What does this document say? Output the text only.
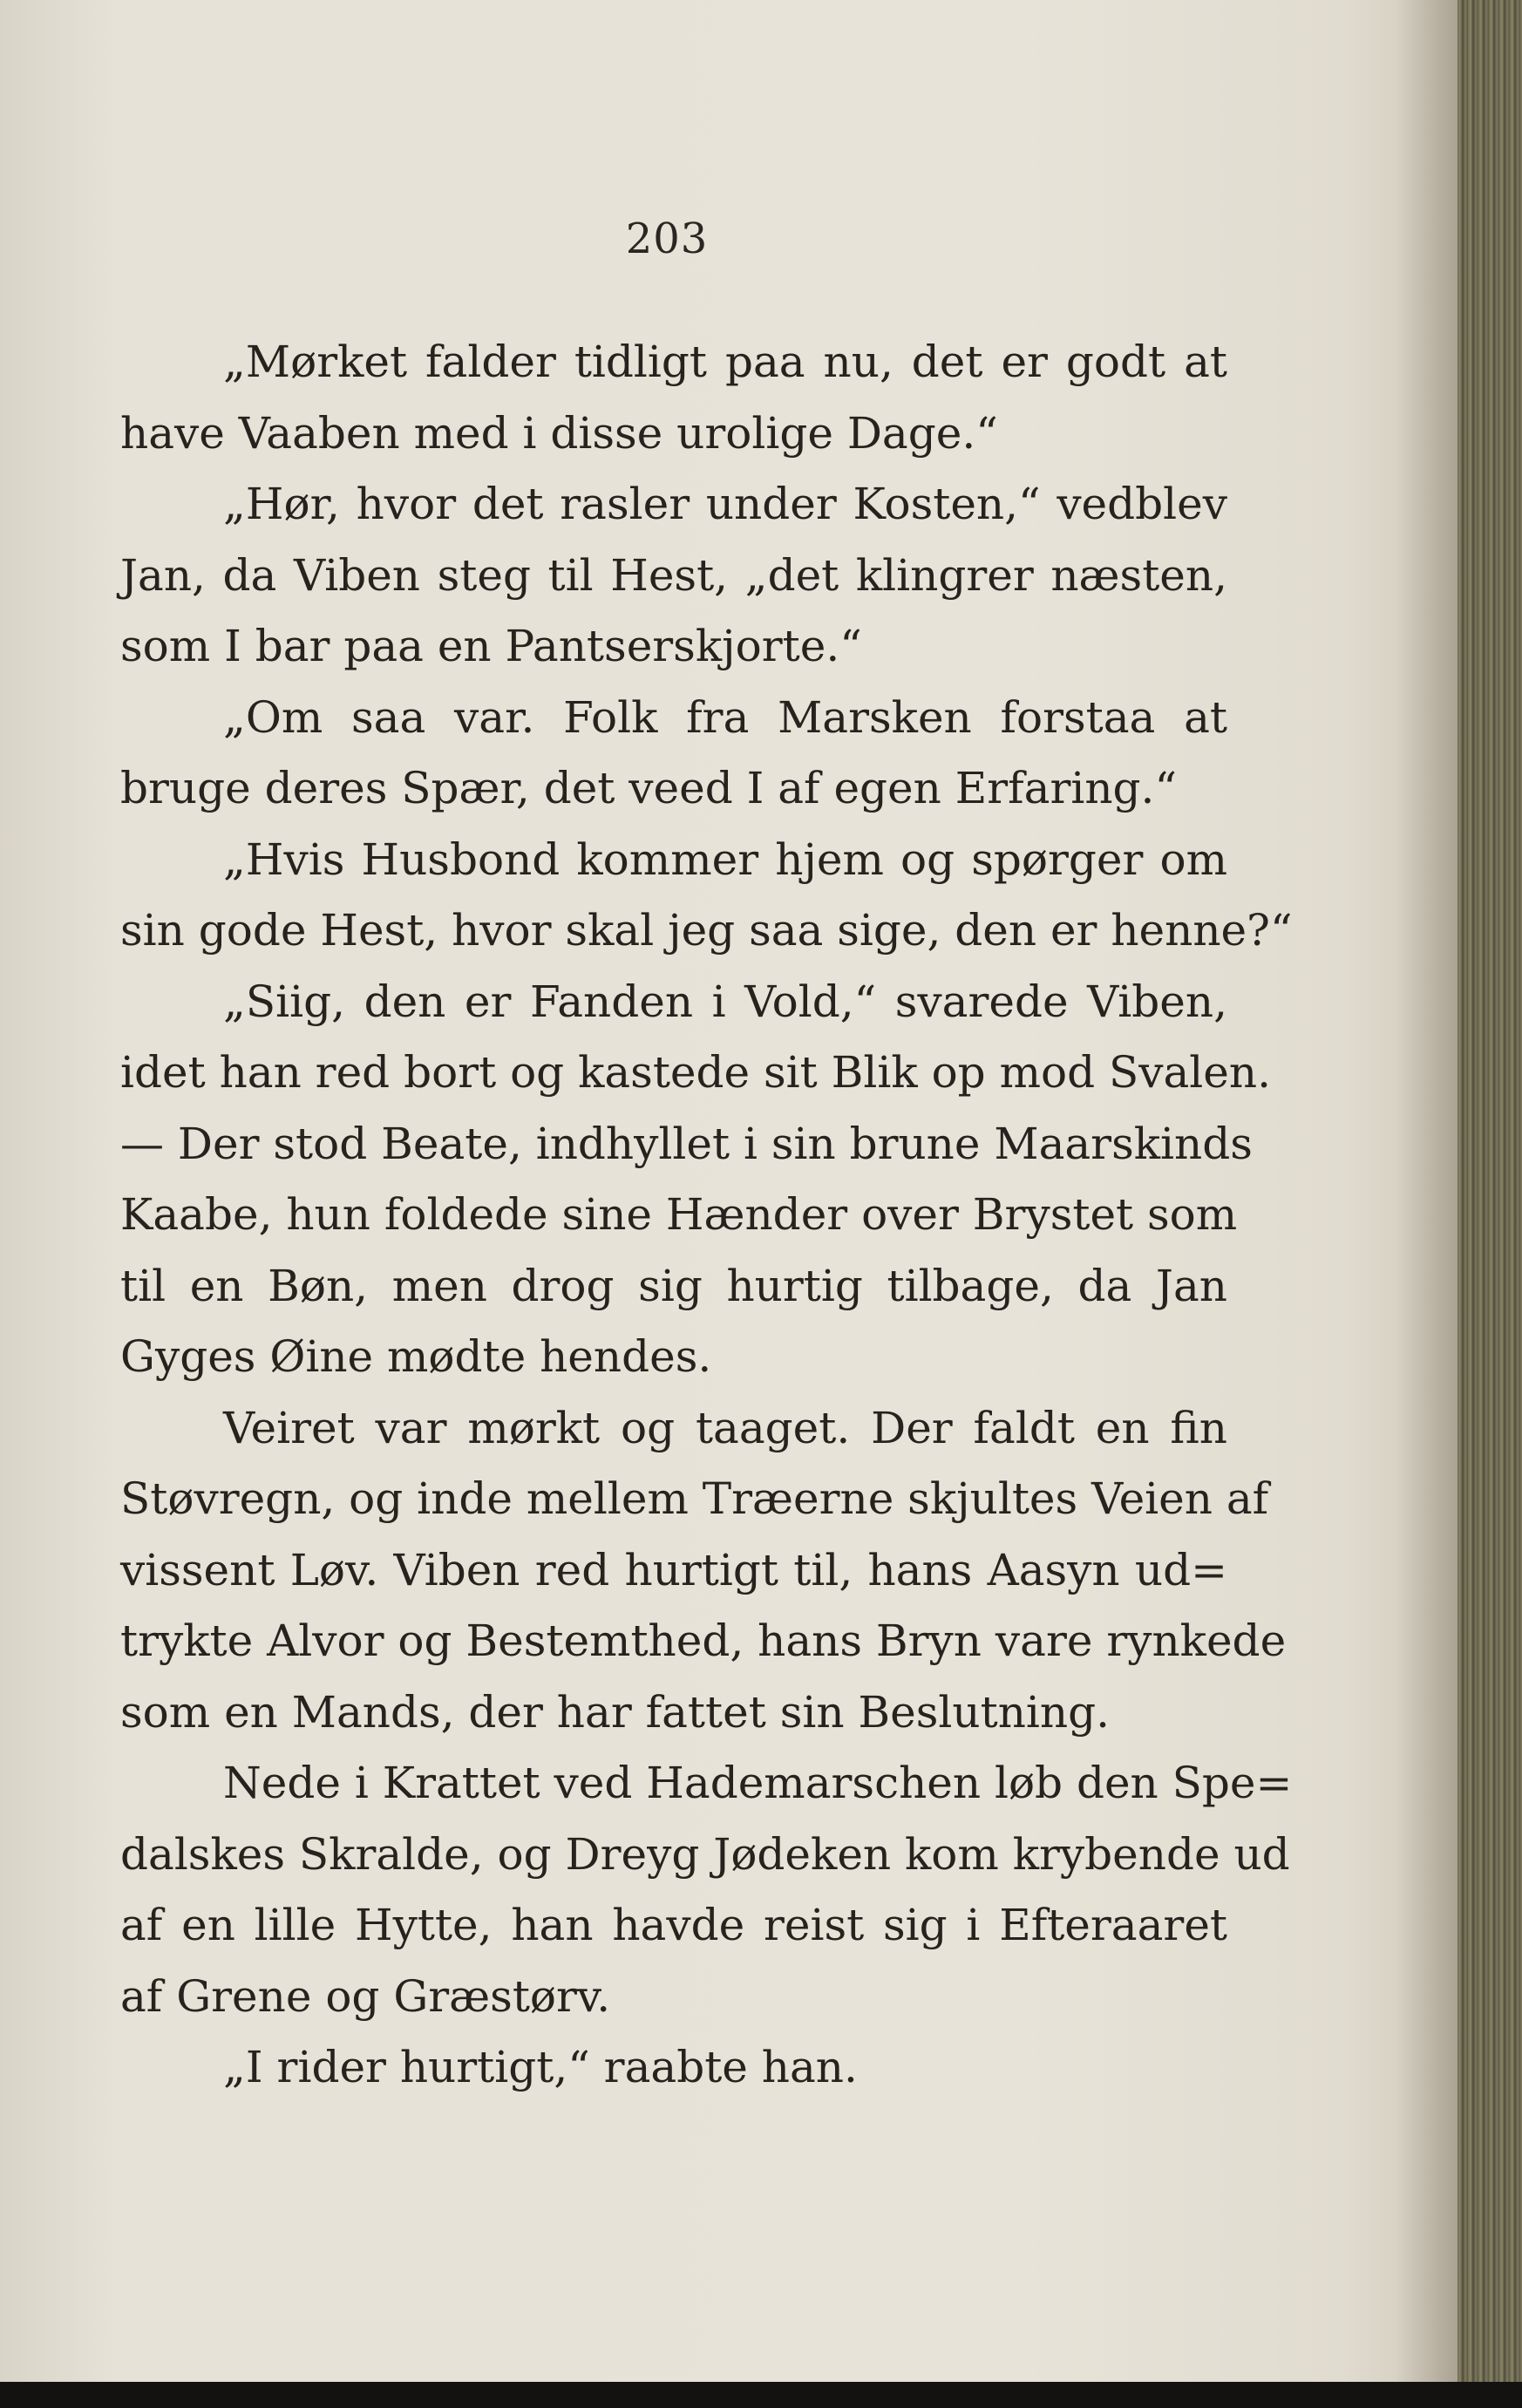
203
„Mørket falder tidligt paa nu, det er godt at
have Vaaben med i disse urolige Dage.“
„Hør, hvor det rasler under Kosten,“ vedblev
Jan, da Viben steg til Hest, „det klingrer næsten,
som I bar paa en Pantserskjorte.“
„Om saa var. Folk fra Marsken forstaa at
bruge deres Spær, det veed I af egen Erfaring.“
„Hvis Husbond kommer hjem og spørger om
sin gode Hest, hvor skal jeg saa sige, den er henne?“
„Siig, den er Fanden i Vold,“ svarede Viben,
idet han red bort og kastede sit Blik op mod Svalen.
— Der stod Beate, indhyllet i sin brune Maarskinds
Kaabe, hun foldede sine Hænder over Brystet som
til en Bøn, men drog sig hurtig tilbage, da Jan
Gyges Øine mødte hendes.
Veiret var mørkt og taaget. Der faldt en fin
Støvregn, og inde mellem Træerne skjultes Veien af
vissent Løv. Viben red hurtigt til, hans Aasyn ud=
trykte Alvor og Bestemthed, hans Bryn vare rynkede
som en Mands, der har fattet sin Beslutning.
Nede i Krattet ved Hademarschen løb den Spe=
dalskes Skralde, og Dreyg Jødeken kom krybende ud
af en lille Hytte, han havde reist sig i Efteraaret
af Grene og Græstørv.
„I rider hurtigt,“ raabte han.
